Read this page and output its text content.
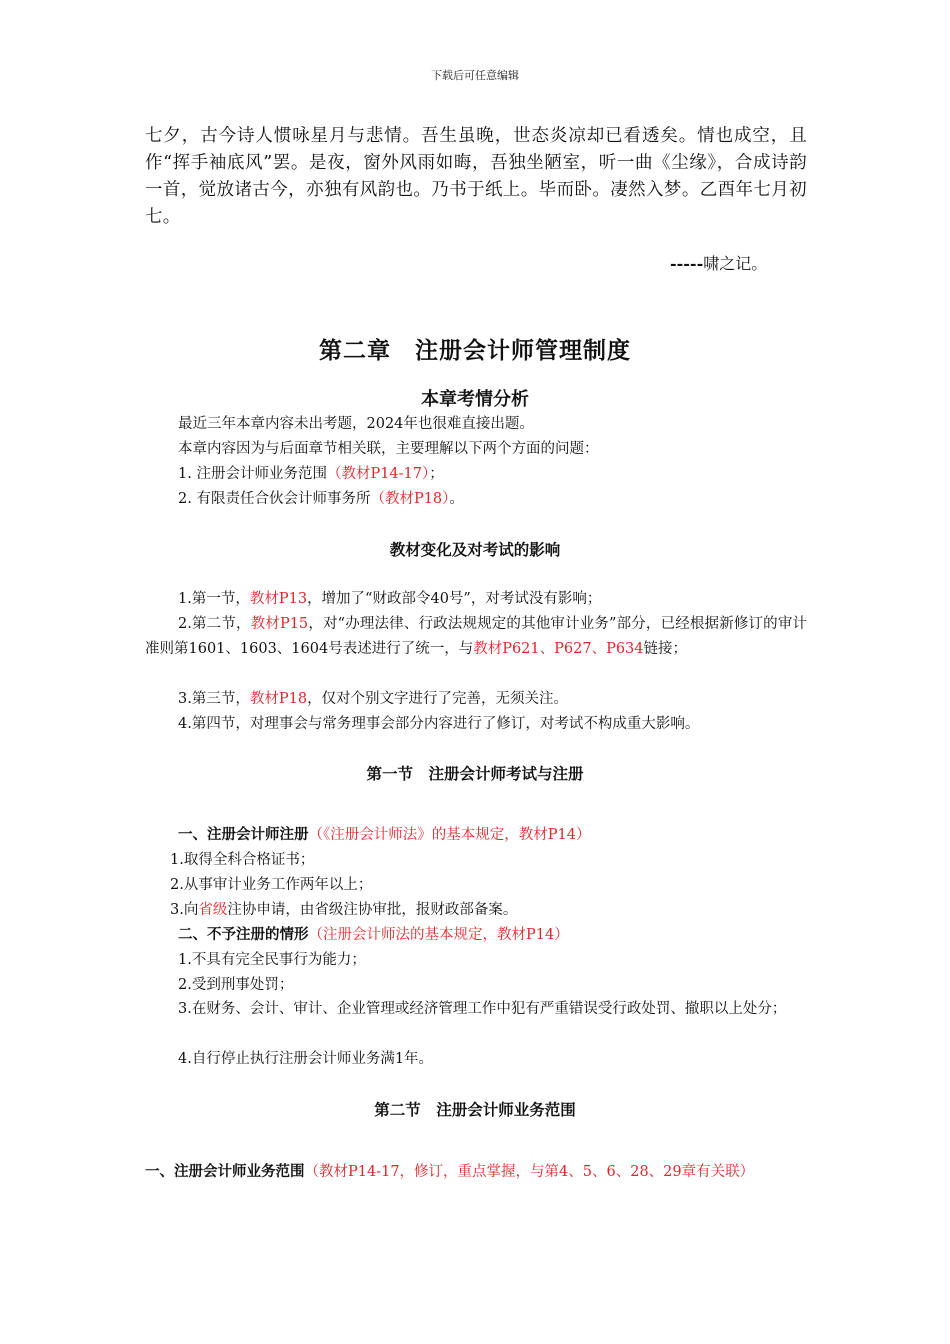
下载后可任意编辑
七夕，古今诗人惯咏星月与悲情。吾生虽晚，世态炎凉却已看透矣。情也成空，且作“挥手袖底风”罢。是夜，窗外风雨如晦，吾独坐陋室，听一曲《尘缘》，合成诗韵一首，觉放诸古今，亦独有风韵也。乃书于纸上。毕而卧。凄然入梦。乙酉年七月初七。
-----啸之记。
第二章　注册会计师管理制度
本章考情分析
最近三年本章内容未出考题，2024年也很难直接出题。
本章内容因为与后面章节相关联，主要理解以下两个方面的问题：
1. 注册会计师业务范围（教材P14-17）；
2. 有限责任合伙会计师事务所（教材P18）。
教材变化及对考试的影响
1.第一节，教材P13，增加了“财政部令40号”，对考试没有影响；
2.第二节，教材P15，对“办理法律、行政法规规定的其他审计业务”部分，已经根据新修订的审计准则第1601、1603、1604号表述进行了统一，与教材P621、P627、P634链接；
3.第三节，教材P18，仅对个别文字进行了完善，无须关注。
4.第四节，对理事会与常务理事会部分内容进行了修订，对考试不构成重大影响。
第一节　注册会计师考试与注册
一、注册会计师注册（《注册会计师法》的基本规定，教材P14）
1.取得全科合格证书；
2.从事审计业务工作两年以上；
3.向省级注协申请，由省级注协审批，报财政部备案。
二、不予注册的情形（注册会计师法的基本规定，教材P14）
1.不具有完全民事行为能力；
2.受到刑事处罚；
3.在财务、会计、审计、企业管理或经济管理工作中犯有严重错误受行政处罚、撤职以上处分；
4.自行停止执行注册会计师业务满1年。
第二节　注册会计师业务范围
一、注册会计师业务范围（教材P14-17，修订，重点掌握，与第4、5、6、28、29章有关联）
